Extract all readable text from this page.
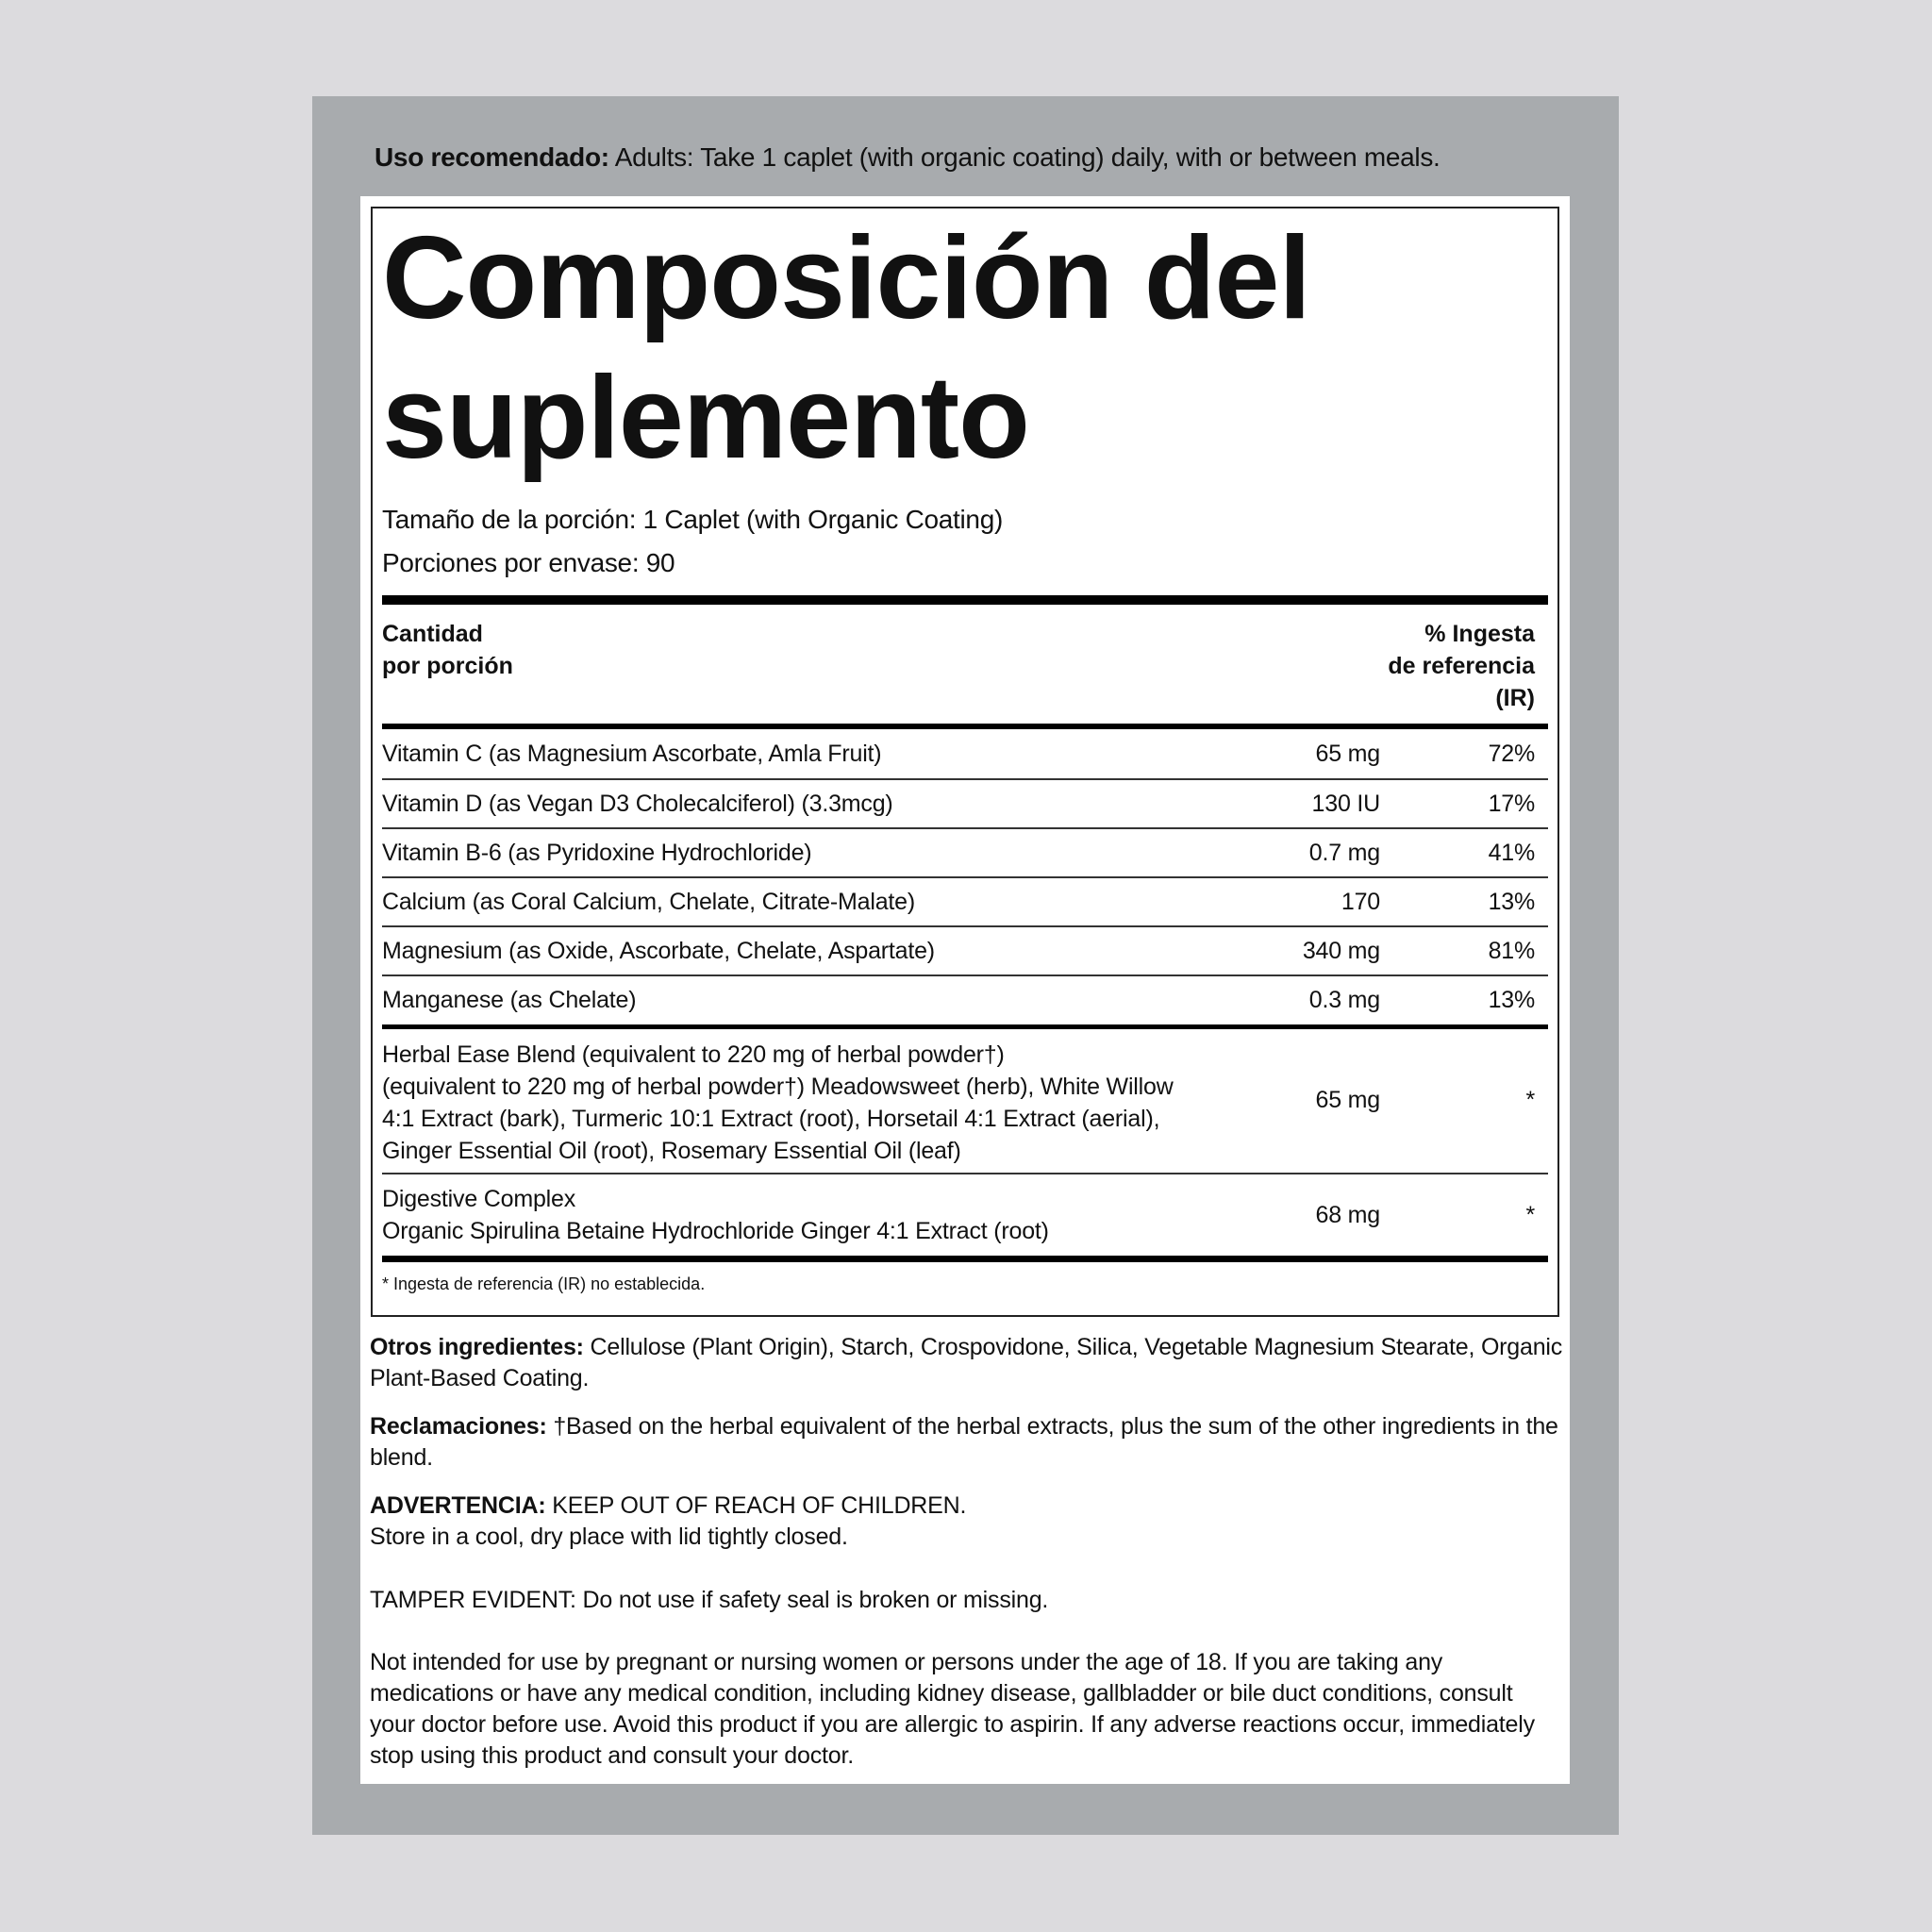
Uso recomendado: Adults: Take 1 caplet (with organic coating) daily, with or between meals.
Composición del
suplemento
Tamaño de la porción: 1 Caplet (with Organic Coating)
Porciones por envase: 90
Cantidad
por porción
% Ingesta
de referencia
(IR)
Vitamin C (as Magnesium Ascorbate, Amla Fruit)	65 mg	72%
Vitamin D (as Vegan D3 Cholecalciferol) (3.3mcg)	130 IU	17%
Vitamin B-6 (as Pyridoxine Hydrochloride)	0.7 mg	41%
Calcium (as Coral Calcium, Chelate, Citrate-Malate)	170	13%
Magnesium (as Oxide, Ascorbate, Chelate, Aspartate)	340 mg	81%
Manganese (as Chelate)	0.3 mg	13%
Herbal Ease Blend (equivalent to 220 mg of herbal powder†)
(equivalent to 220 mg of herbal powder†) Meadowsweet (herb), White Willow
4:1 Extract (bark), Turmeric 10:1 Extract (root), Horsetail 4:1 Extract (aerial),
Ginger Essential Oil (root), Rosemary Essential Oil (leaf)
65 mg	*
Digestive Complex
Organic Spirulina Betaine Hydrochloride Ginger 4:1 Extract (root)
68 mg	*
* Ingesta de referencia (IR) no establecida.
Otros ingredientes: Cellulose (Plant Origin), Starch, Crospovidone, Silica, Vegetable Magnesium Stearate, Organic Plant-Based Coating.
Reclamaciones: †Based on the herbal equivalent of the herbal extracts, plus the sum of the other ingredients in the blend.
ADVERTENCIA: KEEP OUT OF REACH OF CHILDREN.
Store in a cool, dry place with lid tightly closed.
TAMPER EVIDENT: Do not use if safety seal is broken or missing.
Not intended for use by pregnant or nursing women or persons under the age of 18. If you are taking any medications or have any medical condition, including kidney disease, gallbladder or bile duct conditions, consult your doctor before use. Avoid this product if you are allergic to aspirin. If any adverse reactions occur, immediately stop using this product and consult your doctor.
